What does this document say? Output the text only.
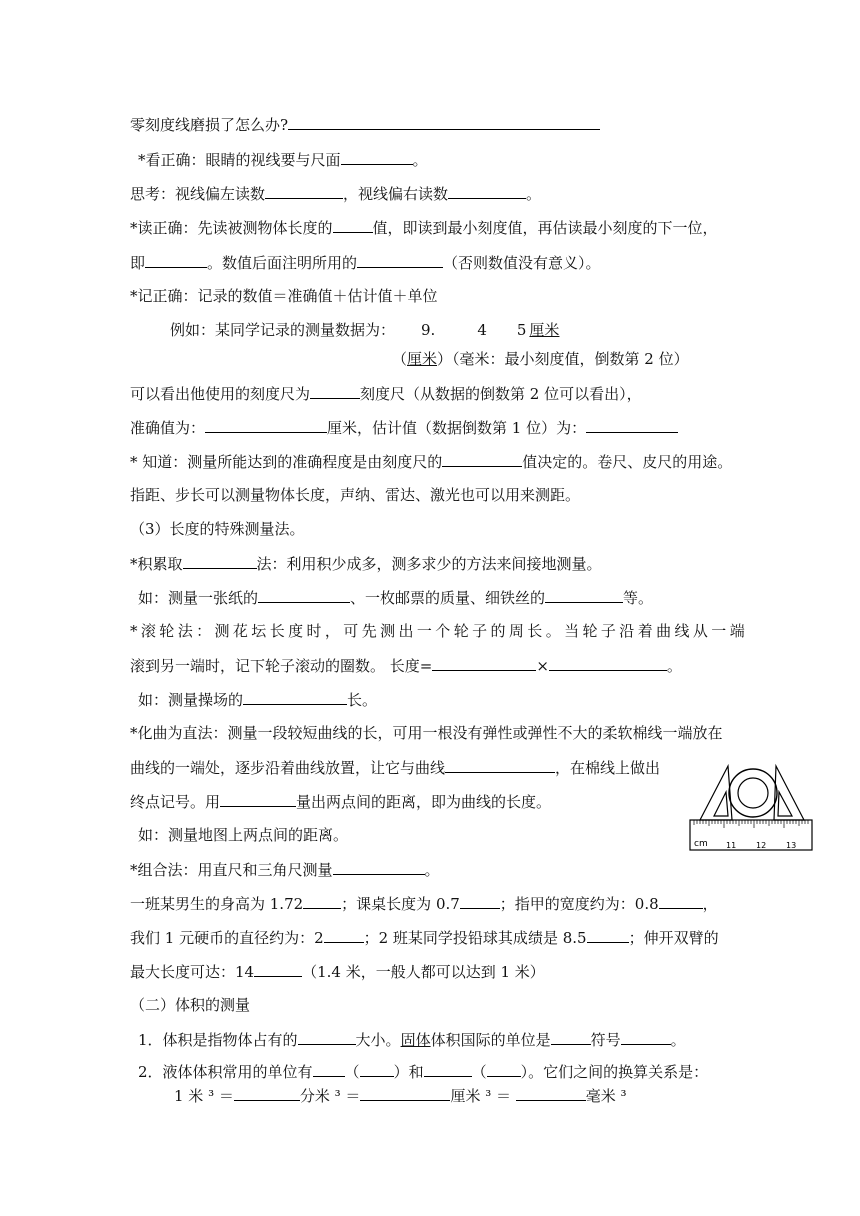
零刻度线磨损了怎么办?
*看正确：眼睛的视线要与尺面	。
思考：视线偏左读数	，视线偏右读数	。
*读正确：先读被测物体长度的	值，即读到最小刻度值，再估读最小刻度的下一位，
即	。数值后面注明所用的	（否则数值没有意义）。
*记正确：记录的数值＝准确值＋估计值＋单位
例如：某同学记录的测量数据为： 9.	4 5 厘米
（厘米）（毫米：最小刻度值，倒数第 2 位）
可以看出他使用的刻度尺为	刻度尺（从数据的倒数第 2 位可以看出），
准确值为：	厘米，估计值（数据倒数第 1 位）为：
* 知道：测量所能达到的准确程度是由刻度尺的	值决定的。卷尺、皮尺的用途。
指距、步长可以测量物体长度，声纳、雷达、激光也可以用来测距。
（3）长度的特殊测量法。
*积累取	法：利用积少成多，测多求少的方法来间接地测量。
如：测量一张纸的	、一枚邮票的质量、细铁丝的	等。
*滚轮法：测花坛长度时，可先测出一个轮子的周长。当轮子沿着曲线从一端
滚到另一端时，记下轮子滚动的圈数。 长度=	×	。
如：测量操场的	长。
*化曲为直法：测量一段较短曲线的长，可用一根没有弹性或弹性不大的柔软棉线一端放在
曲线的一端处，逐步沿着曲线放置，让它与曲线	，在棉线上做出
终点记号。用	量出两点间的距离，即为曲线的长度。
如：测量地图上两点间的距离。
*组合法：用直尺和三角尺测量	。
一班某男生的身高为 1.72	；课桌长度为 0.7	；指甲的宽度约为：0.8	，
我们 1 元硬币的直径约为：2	；2 班某同学投铅球其成绩是 8.5	；伸开双臂的
最大长度可达：14	（1.4 米，一般人都可以达到 1 米）
（二）体积的测量
1．体积是指物体占有的	大小。固体体积国际的单位是	符号	。
2．液体体积常用的单位有 （ ）和	（ ）。它们之间的换算关系是：
1 米 ³ ＝	分米 ³ ＝	厘米 ³ ＝	毫米 ³
cm 11 12 13
